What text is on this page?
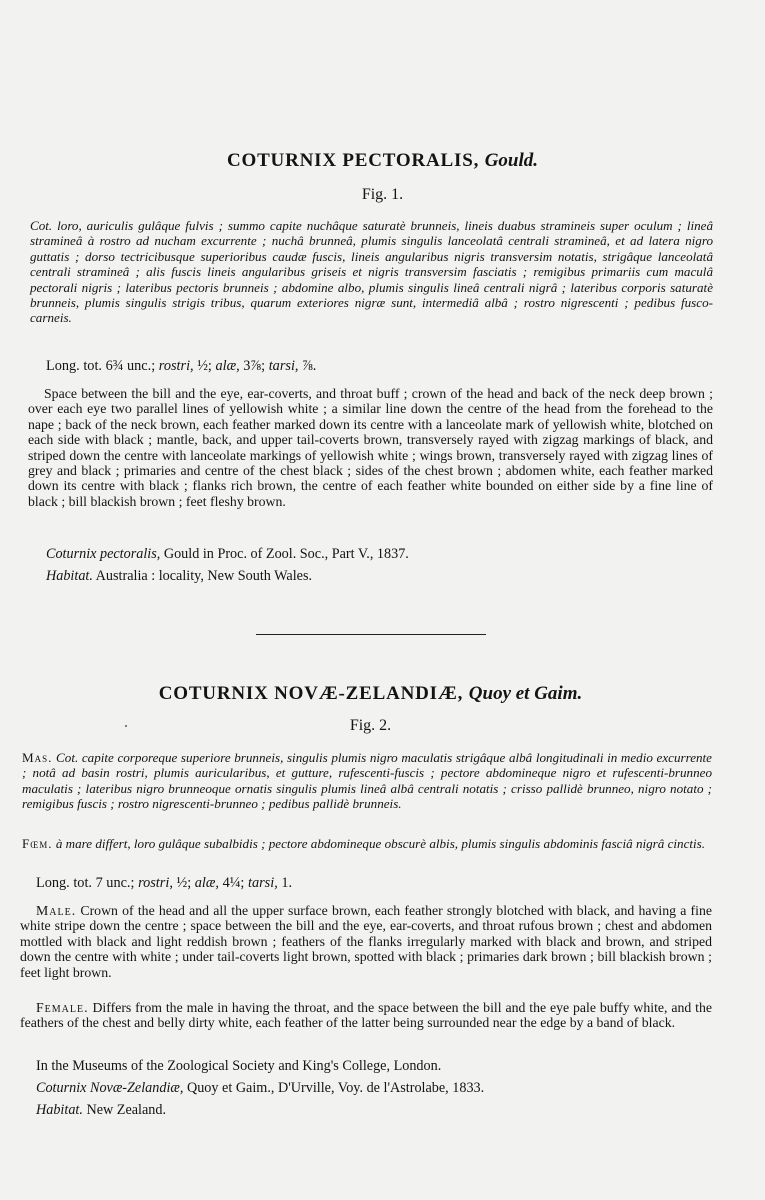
COTURNIX PECTORALIS, Gould.
Fig. 1.

Cot. loro, auriculis gulâque fulvis ; summo capite nuchâque saturatè brunneis, lineis duabus stramineis super oculum ; lineâ stramineâ à rostro ad nucham excurrente ; nuchâ brunneâ, plumis singulis lanceolatâ centrali stramineâ, et ad latera nigro guttatis ; dorso tectricibusque superioribus caudæ fuscis, lineis angularibus nigris transversim notatis, strigâque lanceolatâ centrali stramineâ ; alis fuscis lineis angularibus griseis et nigris transversim fasciatis ; remigibus primariis cum maculâ pectorali nigris ; lateribus pectoris brunneis ; abdomine albo, plumis singulis lineâ centrali nigrâ ; lateribus corporis saturatè brunneis, plumis singulis strigis tribus, quarum exteriores nigræ sunt, intermediâ albâ ; rostro nigrescenti ; pedibus fusco-carneis.

Long. tot. 6¾ unc.; rostri, ½; alæ, 3⅞; tarsi, ⅞.

Space between the bill and the eye, ear-coverts, and throat buff ; crown of the head and back of the neck deep brown ; over each eye two parallel lines of yellowish white ; a similar line down the centre of the head from the forehead to the nape ; back of the neck brown, each feather marked down its centre with a lanceolate mark of yellowish white, blotched on each side with black ; mantle, back, and upper tail-coverts brown, transversely rayed with zigzag markings of black, and striped down the centre with lanceolate markings of yellowish white ; wings brown, transversely rayed with zigzag lines of grey and black ; primaries and centre of the chest black ; sides of the chest brown ; abdomen white, each feather marked down its centre with black ; flanks rich brown, the centre of each feather white bounded on either side by a fine line of black ; bill blackish brown ; feet fleshy brown.

Coturnix pectoralis, Gould in Proc. of Zool. Soc., Part V., 1837.
Habitat. Australia : locality, New South Wales.
COTURNIX NOVÆ-ZELANDIÆ, Quoy et Gaim.
Fig. 2.

Mas. Cot. capite corporeque superiore brunneis, singulis plumis nigro maculatis strigâque albâ longitudinali in medio excurrente ; notâ ad basin rostri, plumis auricularibus, et gutture, rufescenti-fuscis ; pectore abdomineque nigro et rufescenti-brunneo maculatis ; lateribus nigro brunneoque ornatis singulis plumis lineâ albâ centrali notatis ; crisso pallidè brunneo, nigro notato ; remigibus fuscis ; rostro nigrescenti-brunneo ; pedibus pallidè brunneis.

Fœm. à mare differt, loro gulâque subalbidis ; pectore abdomineque obscurè albis, plumis singulis abdominis fasciâ nigrâ cinctis.

Long. tot. 7 unc.; rostri, ½; alæ, 4¼; tarsi, 1.

Male. Crown of the head and all the upper surface brown, each feather strongly blotched with black, and having a fine white stripe down the centre ; space between the bill and the eye, ear-coverts, and throat rufous brown ; chest and abdomen mottled with black and light reddish brown ; feathers of the flanks irregularly marked with black and brown, and striped down the centre with white ; under tail-coverts light brown, spotted with black ; primaries dark brown ; bill blackish brown ; feet light brown.

Female. Differs from the male in having the throat, and the space between the bill and the eye pale buffy white, and the feathers of the chest and belly dirty white, each feather of the latter being surrounded near the edge by a band of black.

In the Museums of the Zoological Society and King's College, London.
Coturnix Novæ-Zelandiæ, Quoy et Gaim., D'Urville, Voy. de l'Astrolabe, 1833.
Habitat. New Zealand.
